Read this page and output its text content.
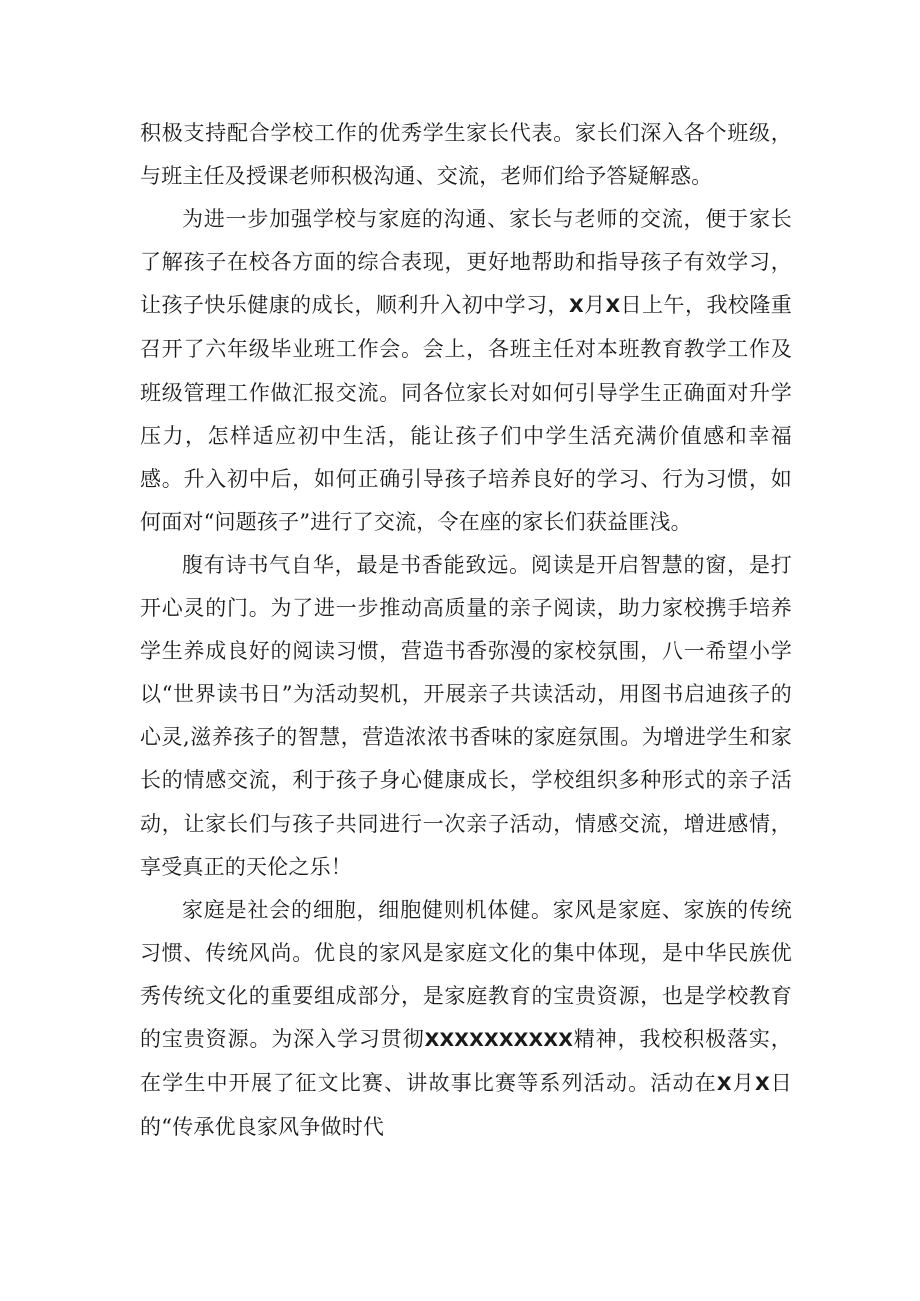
积极支持配合学校工作的优秀学生家长代表。家长们深入各个班级，与班主任及授课老师积极沟通、交流，老师们给予答疑解惑。

为进一步加强学校与家庭的沟通、家长与老师的交流，便于家长了解孩子在校各方面的综合表现，更好地帮助和指导孩子有效学习，让孩子快乐健康的成长，顺利升入初中学习，X月X日上午，我校隆重召开了六年级毕业班工作会。会上，各班主任对本班教育教学工作及班级管理工作做汇报交流。同各位家长对如何引导学生正确面对升学压力，怎样适应初中生活，能让孩子们中学生活充满价值感和幸福感。升入初中后，如何正确引导孩子培养良好的学习、行为习惯，如何面对“问题孩子”进行了交流，令在座的家长们获益匪浅。

腹有诗书气自华，最是书香能致远。阅读是开启智慧的窗，是打开心灵的门。为了进一步推动高质量的亲子阅读，助力家校携手培养学生养成良好的阅读习惯，营造书香弥漫的家校氛围，八一希望小学以“世界读书日”为活动契机，开展亲子共读活动，用图书启迪孩子的心灵,滋养孩子的智慧，营造浓浓书香味的家庭氛围。为增进学生和家长的情感交流，利于孩子身心健康成长，学校组织多种形式的亲子活动，让家长们与孩子共同进行一次亲子活动，情感交流，增进感情，享受真正的天伦之乐！

家庭是社会的细胞，细胞健则机体健。家风是家庭、家族的传统习惯、传统风尚。优良的家风是家庭文化的集中体现，是中华民族优秀传统文化的重要组成部分，是家庭教育的宝贵资源，也是学校教育的宝贵资源。为深入学习贯彻XXXXXXXXXX精神，我校积极落实，在学生中开展了征文比赛、讲故事比赛等系列活动。活动在X月X日的“传承优良家风争做时代
